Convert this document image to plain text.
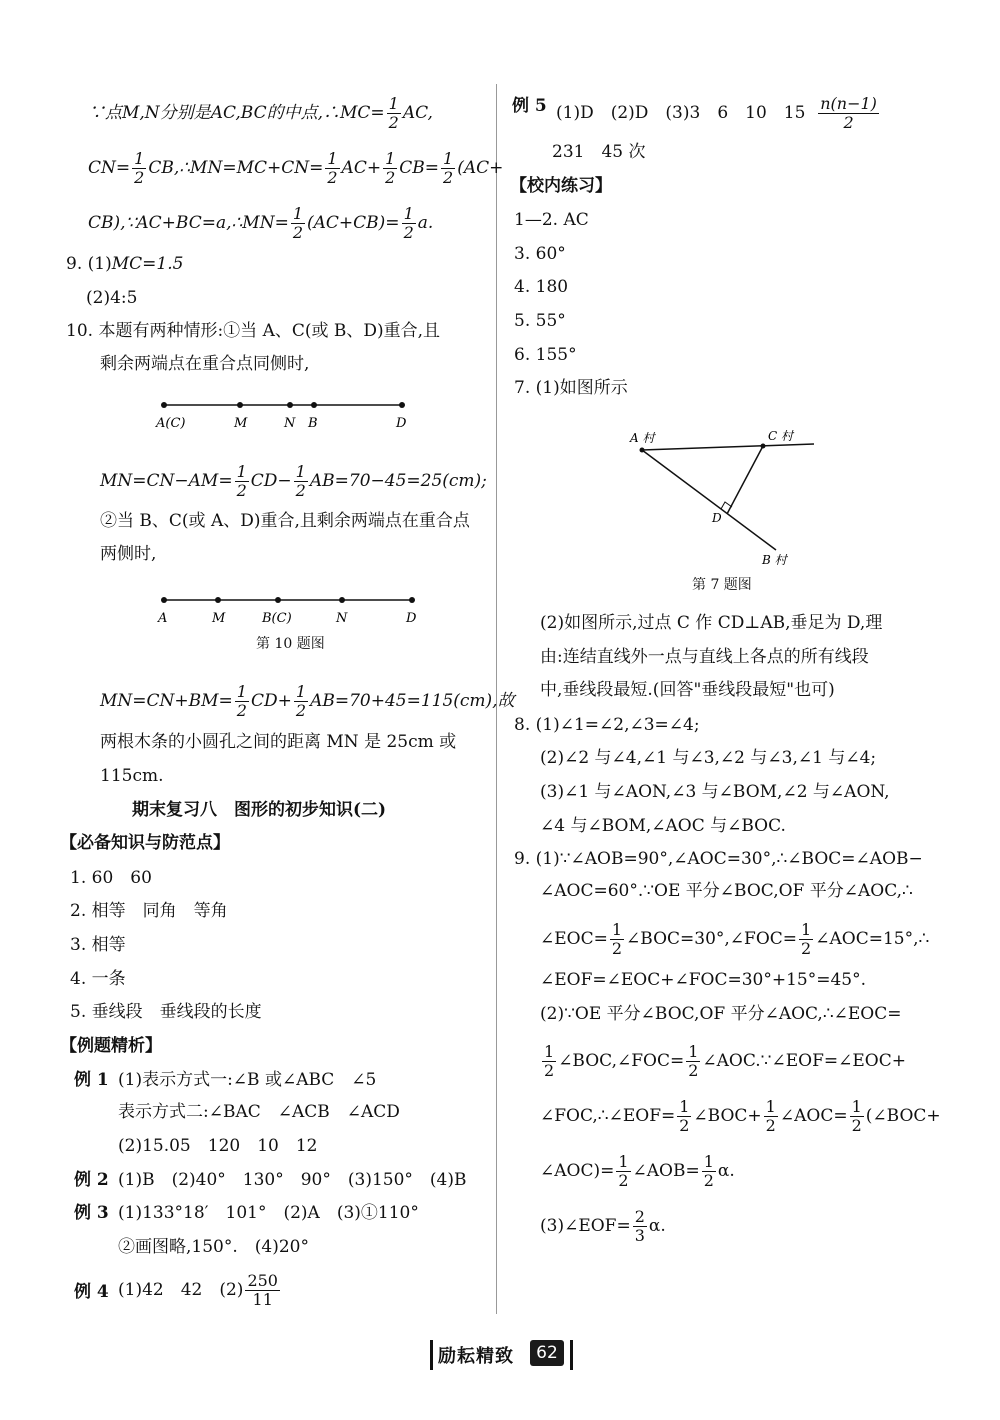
∵点M,N分别是AC,BC的中点,∴MC= $\frac{1}{2}$ AC,
$CN= \frac{1}{2}$ CB,∴MN=MC+CN= $\frac{1}{2} AC+ \frac{1}{2} CB= \frac{1}{2} (AC+$
CB),∵AC+BC=a,∴MN= $\frac{1}{2} (AC+CB)= \frac{1}{2} a$.
9. (1)MC=1.5
(2)4:5
10. 本题有两种情形:①当 A、C(或 B、D)重合,且
剩余两端点在重合点同侧时,
A(C)	M	N B	D
$MN=CN-AM= \frac{1}{2} CD- \frac{1}{2} AB=70-45=25(cm)$;
②当 B、C(或 A、D)重合,且剩余两端点在重合点
两侧时,
A	M	B(C)	N	D
第 10 题图
$MN=CN+BM= \frac{1}{2} CD+ \frac{1}{2} AB=70+45=115(cm)$,故
两根木条的小圆孔之间的距离 MN 是 25cm 或
115cm.
期末复习八　图形的初步知识(二)
【必备知识与防范点】
1. 60　60
2. 相等　同角　等角
3. 相等
4. 一条
5. 垂线段　垂线段的长度
【例题精析】
例 1 (1)表示方式一:∠B 或∠ABC　∠5
表示方式二:∠BAC　∠ACB　∠ACD
(2)15.05　120　10　12
例 2 (1)B　(2)40°　130°　90°　(3)150°　(4)B
例 3 (1)133°18′　101°　(2)A　(3)①110°
②画图略,150°.　(4)20°
例 4 (1)42　42　$(2) \frac{250}{11}$
例 5 (1)D　(2)D　(3)3　6　10　$15 \frac{n(n-1)}{2}$
231　45 次
【校内练习】
1—2. AC
3. 60°
4. 180
5. 55°
6. 155°
7. (1)如图所示
A 村	C 村
D
B 村
第 7 题图
(2)如图所示,过点 C 作 CD⊥AB,垂足为 D,理
由:连结直线外一点与直线上各点的所有线段
中,垂线段最短.(回答"垂线段最短"也可)
8. (1)∠1=∠2,∠3=∠4;
(2)∠2 与∠4,∠1 与∠3,∠2 与∠3,∠1 与∠4;
(3)∠1 与∠AON,∠3 与∠BOM,∠2 与∠AON,
∠4 与∠BOM,∠AOC 与∠BOC.
9. (1)∵∠AOB=90°,∠AOC=30°,∴∠BOC=∠AOB−
∠AOC=60°.∵OE 平分∠BOC,OF 平分∠AOC,∴
∠EOC= $\frac{1}{2}$ ∠BOC=30°,∠FOC= $\frac{1}{2}$ ∠AOC=15°,∴
∠EOF=∠EOC+∠FOC=30°+15°=45°.
(2)∵OE 平分∠BOC,OF 平分∠AOC,∴∠EOC=
$\frac{1}{2}$ ∠BOC,∠FOC= $\frac{1}{2}$ ∠AOC.∵∠EOF=∠EOC+
∠FOC,∴∠EOF= $\frac{1}{2}$ ∠BOC+ $\frac{1}{2}$ ∠AOC= $\frac{1}{2}$ (∠BOC+
∠AOC)= $\frac{1}{2}$ ∠AOB= $\frac{1}{2} \alpha$.
(3)∠EOF= $\frac{2}{3} \alpha$.
励耘精致	62
